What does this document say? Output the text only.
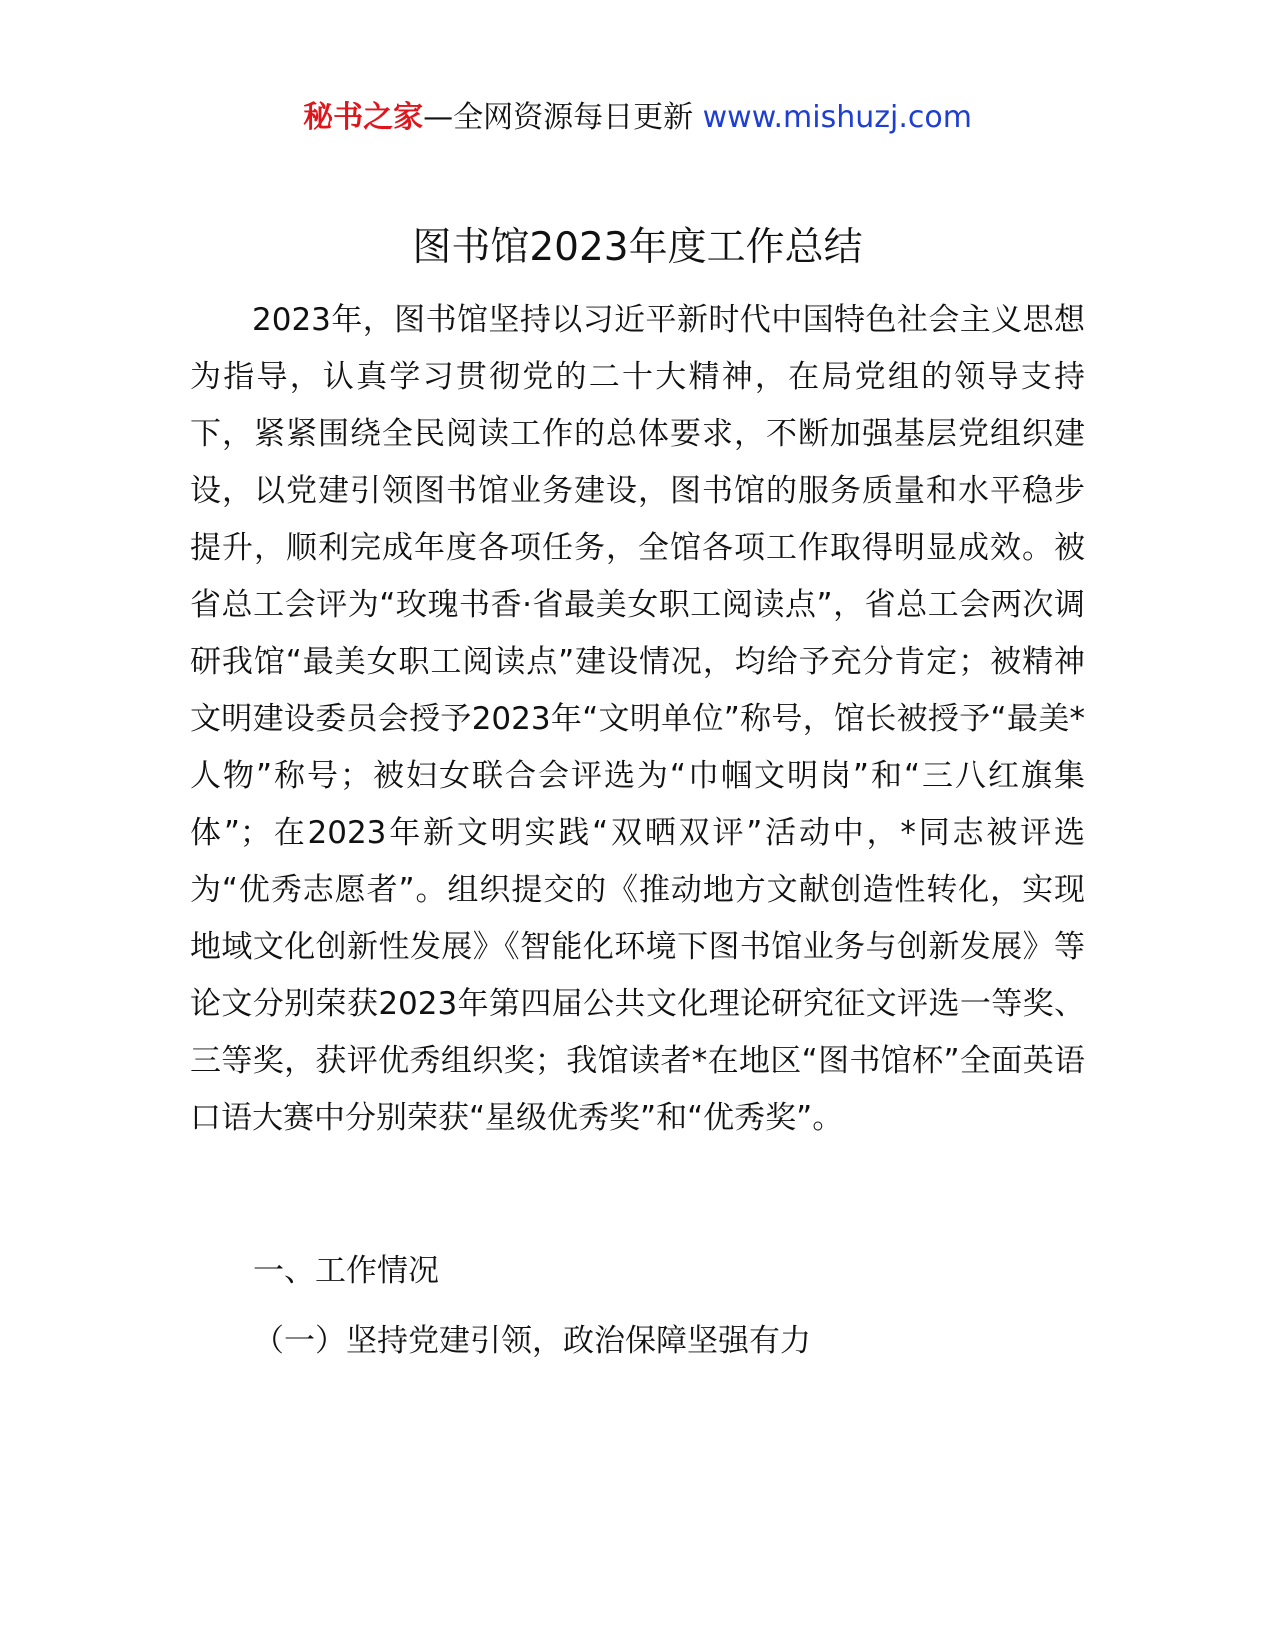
秘书之家—全网资源每日更新 www.mishuzj.com
图书馆2023年度工作总结

2023年，图书馆坚持以习近平新时代中国特色社会主义思想为指导，认真学习贯彻党的二十大精神，在局党组的领导支持下，紧紧围绕全民阅读工作的总体要求，不断加强基层党组织建设，以党建引领图书馆业务建设，图书馆的服务质量和水平稳步提升，顺利完成年度各项任务，全馆各项工作取得明显成效。被省总工会评为“玫瑰书香·省最美女职工阅读点”，省总工会两次调研我馆“最美女职工阅读点”建设情况，均给予充分肯定；被精神文明建设委员会授予2023年“文明单位”称号，馆长被授予“最美*人物”称号；被妇女联合会评选为“巾帼文明岗”和“三八红旗集体”；在2023年新文明实践“双晒双评”活动中，*同志被评选为“优秀志愿者”。组织提交的《推动地方文献创造性转化，实现地域文化创新性发展》《智能化环境下图书馆业务与创新发展》等论文分别荣获2023年第四届公共文化理论研究征文评选一等奖、三等奖，获评优秀组织奖；我馆读者*在地区“图书馆杯”全面英语口语大赛中分别荣获“星级优秀奖”和“优秀奖”。

一、工作情况
（一）坚持党建引领，政治保障坚强有力
